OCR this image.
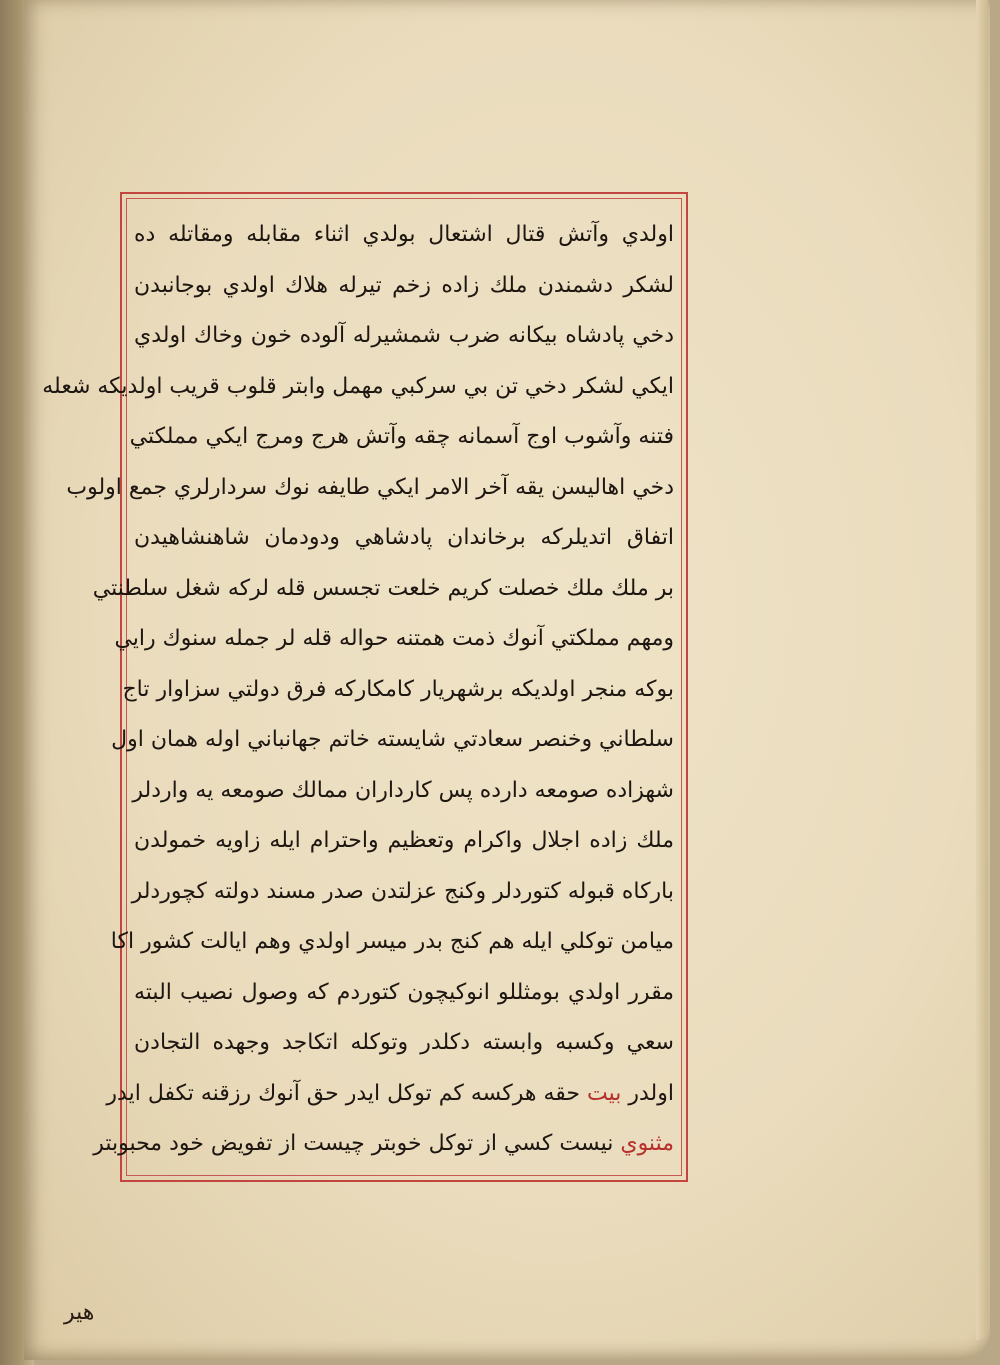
اولدي وآتش قتال اشتعال بولدي اثناء مقابله ومقاتله ده
لشكر دشمندن ملك زاده زخم تيرله هلاك اولدي بوجانبدن
دخي پادشاه بيكانه ضرب شمشيرله آلوده خون وخاك اولدي
ايكي لشكر دخي تن بي سركبي مهمل وابتر قلوب قريب اولديكه شعله
فتنه وآشوب اوج آسمانه چقه وآتش هرج ومرج ايكي مملكتي
دخي اهاليسن يقه آخر الامر ايكي طايفه نوك سردارلري جمع اولوب
اتفاق اتديلركه برخاندان پادشاهي ودودمان شاهنشاهيدن
بر ملك ملك خصلت كريم خلعت تجسس قله لركه شغل سلطنتي
ومهم مملكتي آنوك ذمت همتنه حواله قله لر جمله سنوك رايي
بوكه منجر اولديكه برشهريار كامكاركه فرق دولتي سزاوار تاج
سلطاني وخنصر سعادتي شايسته خاتم جهانباني اوله همان اول
شهزاده صومعه دارده پس كارداران ممالك صومعه يه واردلر
ملك زاده اجلال واكرام وتعظيم واحترام ايله زاويه خمولدن
باركاه قبوله كتوردلر وكنج عزلتدن صدر مسند دولته كچوردلر
ميامن توكلي ايله هم كنج بدر ميسر اولدي وهم ايالت كشور اكا
مقرر اولدي بومثللو انوكيچون كتوردم كه وصول نصيب البته
سعي وكسبه وابسته دكلدر وتوكله اتكاجد وجهده التجادن
اولدر بيت حقه هركسه كم توكل ايدر حق آنوك رزقنه تكفل ايدر
مثنوي نيست كسي از توكل خوبتر چيست از تفويض خود محبوبتر
هير
